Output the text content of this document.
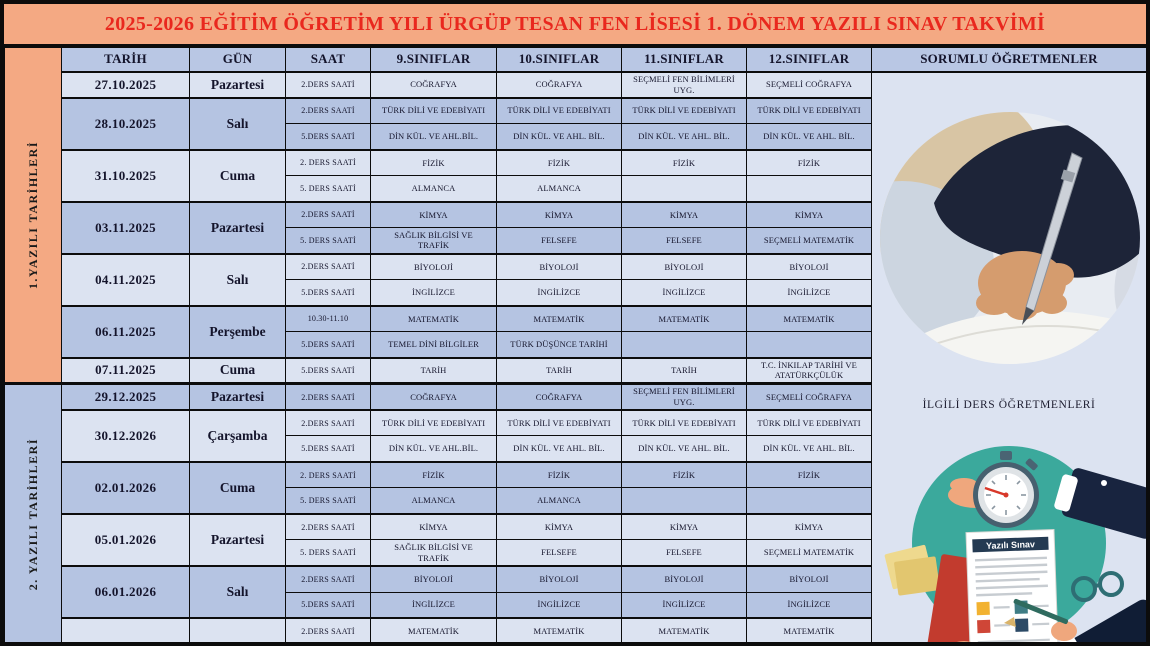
2025-2026 EĞİTİM ÖĞRETİM YILI ÜRGÜP TESAN FEN LİSESİ 1. DÖNEM YAZILI SINAV TAKVİMİ
1.YAZILI TARİHLERİ	TARİH	GÜN	SAAT	9.SINIFLAR	10.SINIFLAR	11.SINIFLAR	12.SINIFLAR	SORUMLU ÖĞRETMENLER
	27.10.2025	Pazartesi	2.DERS SAATİ	COĞRAFYA	COĞRAFYA	SEÇMELİ FEN BİLİMLERİ UYG.	SEÇMELİ COĞRAFYA	İLGİLİ DERS ÖĞRETMENLERİ
Yazılı Sınav

	28.10.2025	Salı	2.DERS SAATİ	TÜRK DİLİ VE EDEBİYATI	TÜRK DİLİ VE EDEBİYATI	TÜRK DİLİ VE EDEBİYATI	TÜRK DİLİ VE EDEBİYATI	
			5.DERS SAATİ	DİN KÜL. VE AHL.BİL.	DİN KÜL. VE AHL. BİL.	DİN KÜL. VE AHL. BİL.	DİN KÜL. VE AHL. BİL.	
	31.10.2025	Cuma	2. DERS SAATİ	FİZİK	FİZİK	FİZİK	FİZİK	
			5. DERS SAATİ	ALMANCA	ALMANCA			
	03.11.2025	Pazartesi	2.DERS SAATİ	KİMYA	KİMYA	KİMYA	KİMYA	
			5. DERS SAATİ	SAĞLIK BİLGİSİ VE TRAFİK	FELSEFE	FELSEFE	SEÇMELİ MATEMATİK	
	04.11.2025	Salı	2.DERS SAATİ	BİYOLOJİ	BİYOLOJİ	BİYOLOJİ	BİYOLOJİ	
			5.DERS SAATİ	İNGİLİZCE	İNGİLİZCE	İNGİLİZCE	İNGİLİZCE	
	06.11.2025	Perşembe	10.30-11.10	MATEMATİK	MATEMATİK	MATEMATİK	MATEMATİK	
			5.DERS SAATİ	TEMEL DİNİ BİLGİLER	TÜRK DÜŞÜNCE TARİHİ			
	07.11.2025	Cuma	5.DERS SAATİ	TARİH	TARİH	TARİH	T.C. İNKILAP TARİHİ VE ATATÜRKÇÜLÜK	

2. YAZILI TARİHLERİ	29.12.2025	Pazartesi	2.DERS SAATİ	COĞRAFYA	COĞRAFYA	SEÇMELİ FEN BİLİMLERİ UYG.	SEÇMELİ COĞRAFYA	
	30.12.2026	Çarşamba	2.DERS SAATİ	TÜRK DİLİ VE EDEBİYATI	TÜRK DİLİ VE EDEBİYATI	TÜRK DİLİ VE EDEBİYATI	TÜRK DİLİ VE EDEBİYATI	
			5.DERS SAATİ	DİN KÜL. VE AHL.BİL.	DİN KÜL. VE AHL. BİL.	DİN KÜL. VE AHL. BİL.	DİN KÜL. VE AHL. BİL.	
	02.01.2026	Cuma	2. DERS SAATİ	FİZİK	FİZİK	FİZİK	FİZİK	
			5. DERS SAATİ	ALMANCA	ALMANCA			
	05.01.2026	Pazartesi	2.DERS SAATİ	KİMYA	KİMYA	KİMYA	KİMYA	
			5. DERS SAATİ	SAĞLIK BİLGİSİ VE TRAFİK	FELSEFE	FELSEFE	SEÇMELİ MATEMATİK	
	06.01.2026	Salı	2.DERS SAATİ	BİYOLOJİ	BİYOLOJİ	BİYOLOJİ	BİYOLOJİ	
			5.DERS SAATİ	İNGİLİZCE	İNGİLİZCE	İNGİLİZCE	İNGİLİZCE	
			2.DERS SAATİ	MATEMATİK	MATEMATİK	MATEMATİK	MATEMATİK	
